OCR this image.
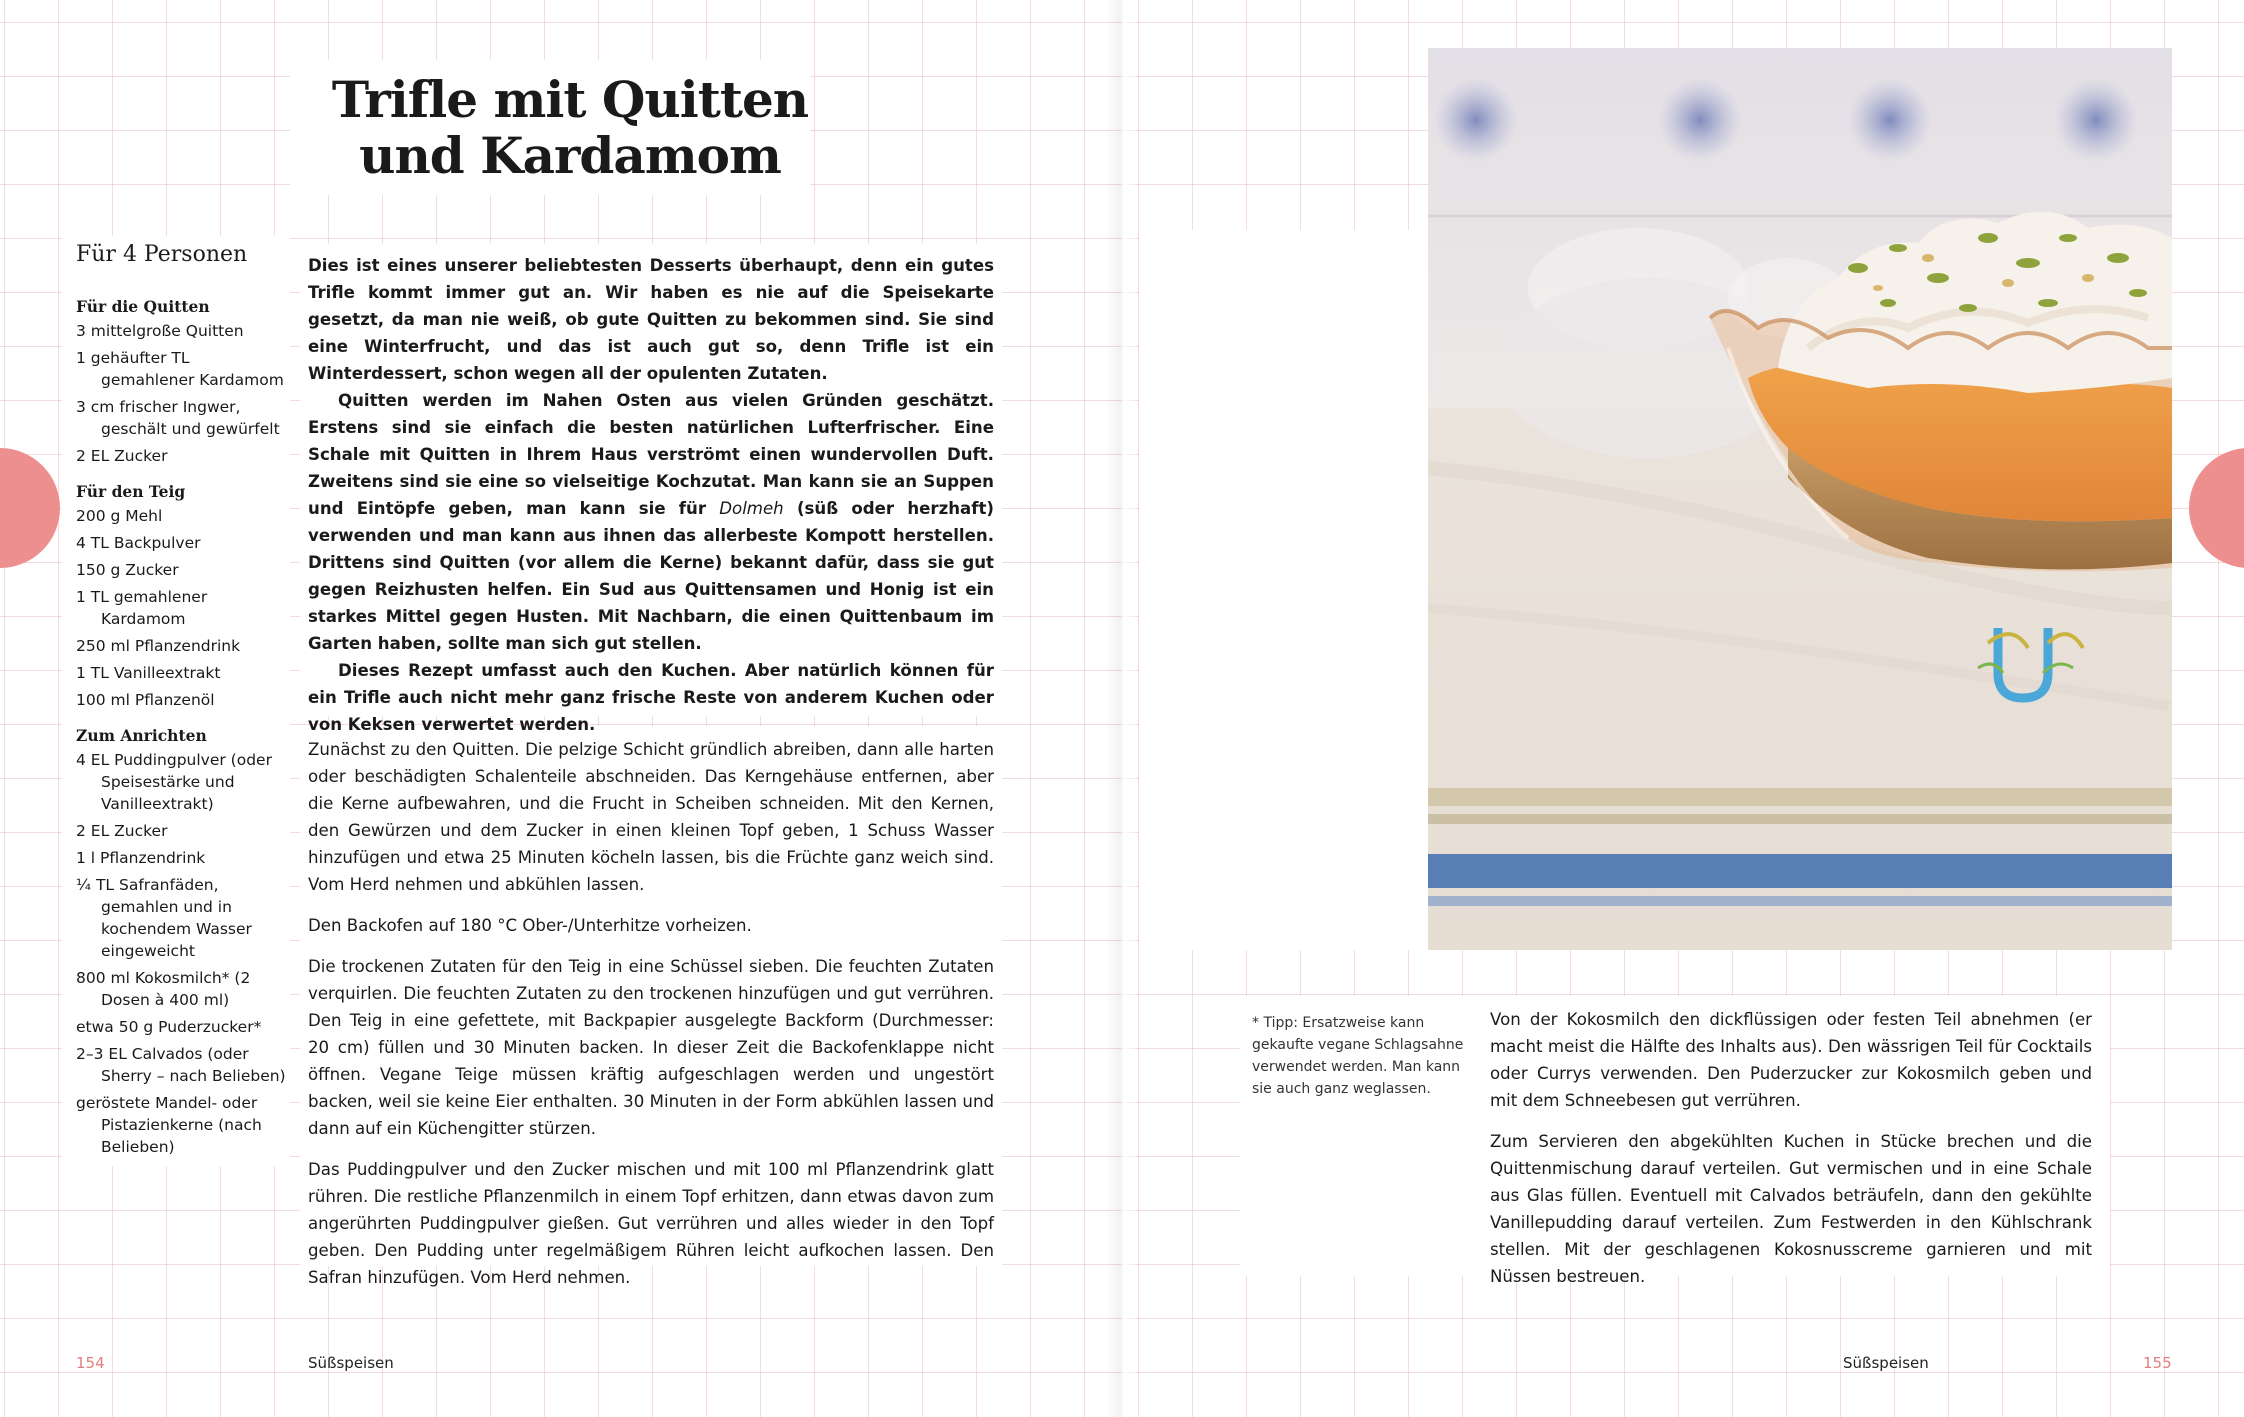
Trifle mit Quitten
und Kardamom
Für 4 Personen
Für die Quitten
3 mittelgroße Quitten
1 gehäufter TL gemahlener Kardamom
3 cm frischer Ingwer, geschält und gewürfelt
2 EL Zucker
Für den Teig
200 g Mehl
4 TL Backpulver
150 g Zucker
1 TL gemahlener Kardamom
250 ml Pflanzendrink
1 TL Vanilleextrakt
100 ml Pflanzenöl
Zum Anrichten
4 EL Puddingpulver (oder Speisestärke und Vanilleextrakt)
2 EL Zucker
1 l Pflanzendrink
¼ TL Safranfäden, gemahlen und in kochendem Wasser eingeweicht
800 ml Kokosmilch* (2 Dosen à 400 ml)
etwa 50 g Puderzucker*
2–3 EL Calvados (oder Sherry – nach Belieben)
geröstete Mandel- oder Pistazienkerne (nach Belieben)

Dies ist eines unserer beliebtesten Desserts überhaupt, denn ein gutes Trifle kommt immer gut an. Wir haben es nie auf die Speisekarte gesetzt, da man nie weiß, ob gute Quitten zu bekommen sind. Sie sind eine Winterfrucht, und das ist auch gut so, denn Trifle ist ein Winterdessert, schon wegen all der opulenten Zutaten.

Quitten werden im Nahen Osten aus vielen Gründen geschätzt. Erstens sind sie einfach die besten natürlichen Lufterfrischer. Eine Schale mit Quitten in Ihrem Haus verströmt einen wundervollen Duft. Zweitens sind sie eine so vielseitige Kochzutat. Man kann sie an Suppen und Eintöpfe geben, man kann sie für Dolmeh (süß oder herzhaft) verwenden und man kann aus ihnen das allerbeste Kompott herstellen. Drittens sind Quitten (vor allem die Kerne) bekannt dafür, dass sie gut gegen Reizhusten helfen. Ein Sud aus Quittensamen und Honig ist ein starkes Mittel gegen Husten. Mit Nachbarn, die einen Quittenbaum im Garten haben, sollte man sich gut stellen.

Dieses Rezept umfasst auch den Kuchen. Aber natürlich können für ein Trifle auch nicht mehr ganz frische Reste von anderem Kuchen oder von Keksen verwertet werden.

Zunächst zu den Quitten. Die pelzige Schicht gründlich abreiben, dann alle harten oder beschädigten Schalenteile abschneiden. Das Kerngehäuse entfernen, aber die Kerne aufbewahren, und die Frucht in Scheiben schneiden. Mit den Kernen, den Gewürzen und dem Zucker in einen kleinen Topf geben, 1 Schuss Wasser hinzufügen und etwa 25 Minuten köcheln lassen, bis die Früchte ganz weich sind. Vom Herd nehmen und abkühlen lassen.

Den Backofen auf 180 °C Ober-/Unterhitze vorheizen.

Die trockenen Zutaten für den Teig in eine Schüssel sieben. Die feuchten Zutaten verquirlen. Die feuchten Zutaten zu den trockenen hinzufügen und gut verrühren. Den Teig in eine gefettete, mit Backpapier ausgelegte Backform (Durchmesser: 20 cm) füllen und 30 Minuten backen. In dieser Zeit die Backofenklappe nicht öffnen. Vegane Teige müssen kräftig aufgeschlagen werden und ungestört backen, weil sie keine Eier enthalten. 30 Minuten in der Form abkühlen lassen und dann auf ein Küchengitter stürzen.

Das Puddingpulver und den Zucker mischen und mit 100 ml Pflanzendrink glatt rühren. Die restliche Pflanzenmilch in einem Topf erhitzen, dann etwas davon zum angerührten Puddingpulver gießen. Gut verrühren und alles wieder in den Topf geben. Den Pudding unter regelmäßigem Rühren leicht aufkochen lassen. Den Safran hinzufügen. Vom Herd nehmen.

* Tipp: Ersatzweise kann gekaufte vegane Schlagsahne verwendet werden. Man kann sie auch ganz weglassen.

Von der Kokosmilch den dickflüssigen oder festen Teil abnehmen (er macht meist die Hälfte des Inhalts aus). Den wässrigen Teil für Cocktails oder Currys verwenden. Den Puderzucker zur Kokosmilch geben und mit dem Schneebesen gut verrühren.

Zum Servieren den abgekühlten Kuchen in Stücke brechen und die Quittenmischung darauf verteilen. Gut vermischen und in eine Schale aus Glas füllen. Eventuell mit Calvados beträufeln, dann den gekühlte Vanillepudding darauf verteilen. Zum Festwerden in den Kühlschrank stellen. Mit der geschlagenen Kokosnusscreme garnieren und mit Nüssen bestreuen.

154	Süßspeisen	Süßspeisen	155
